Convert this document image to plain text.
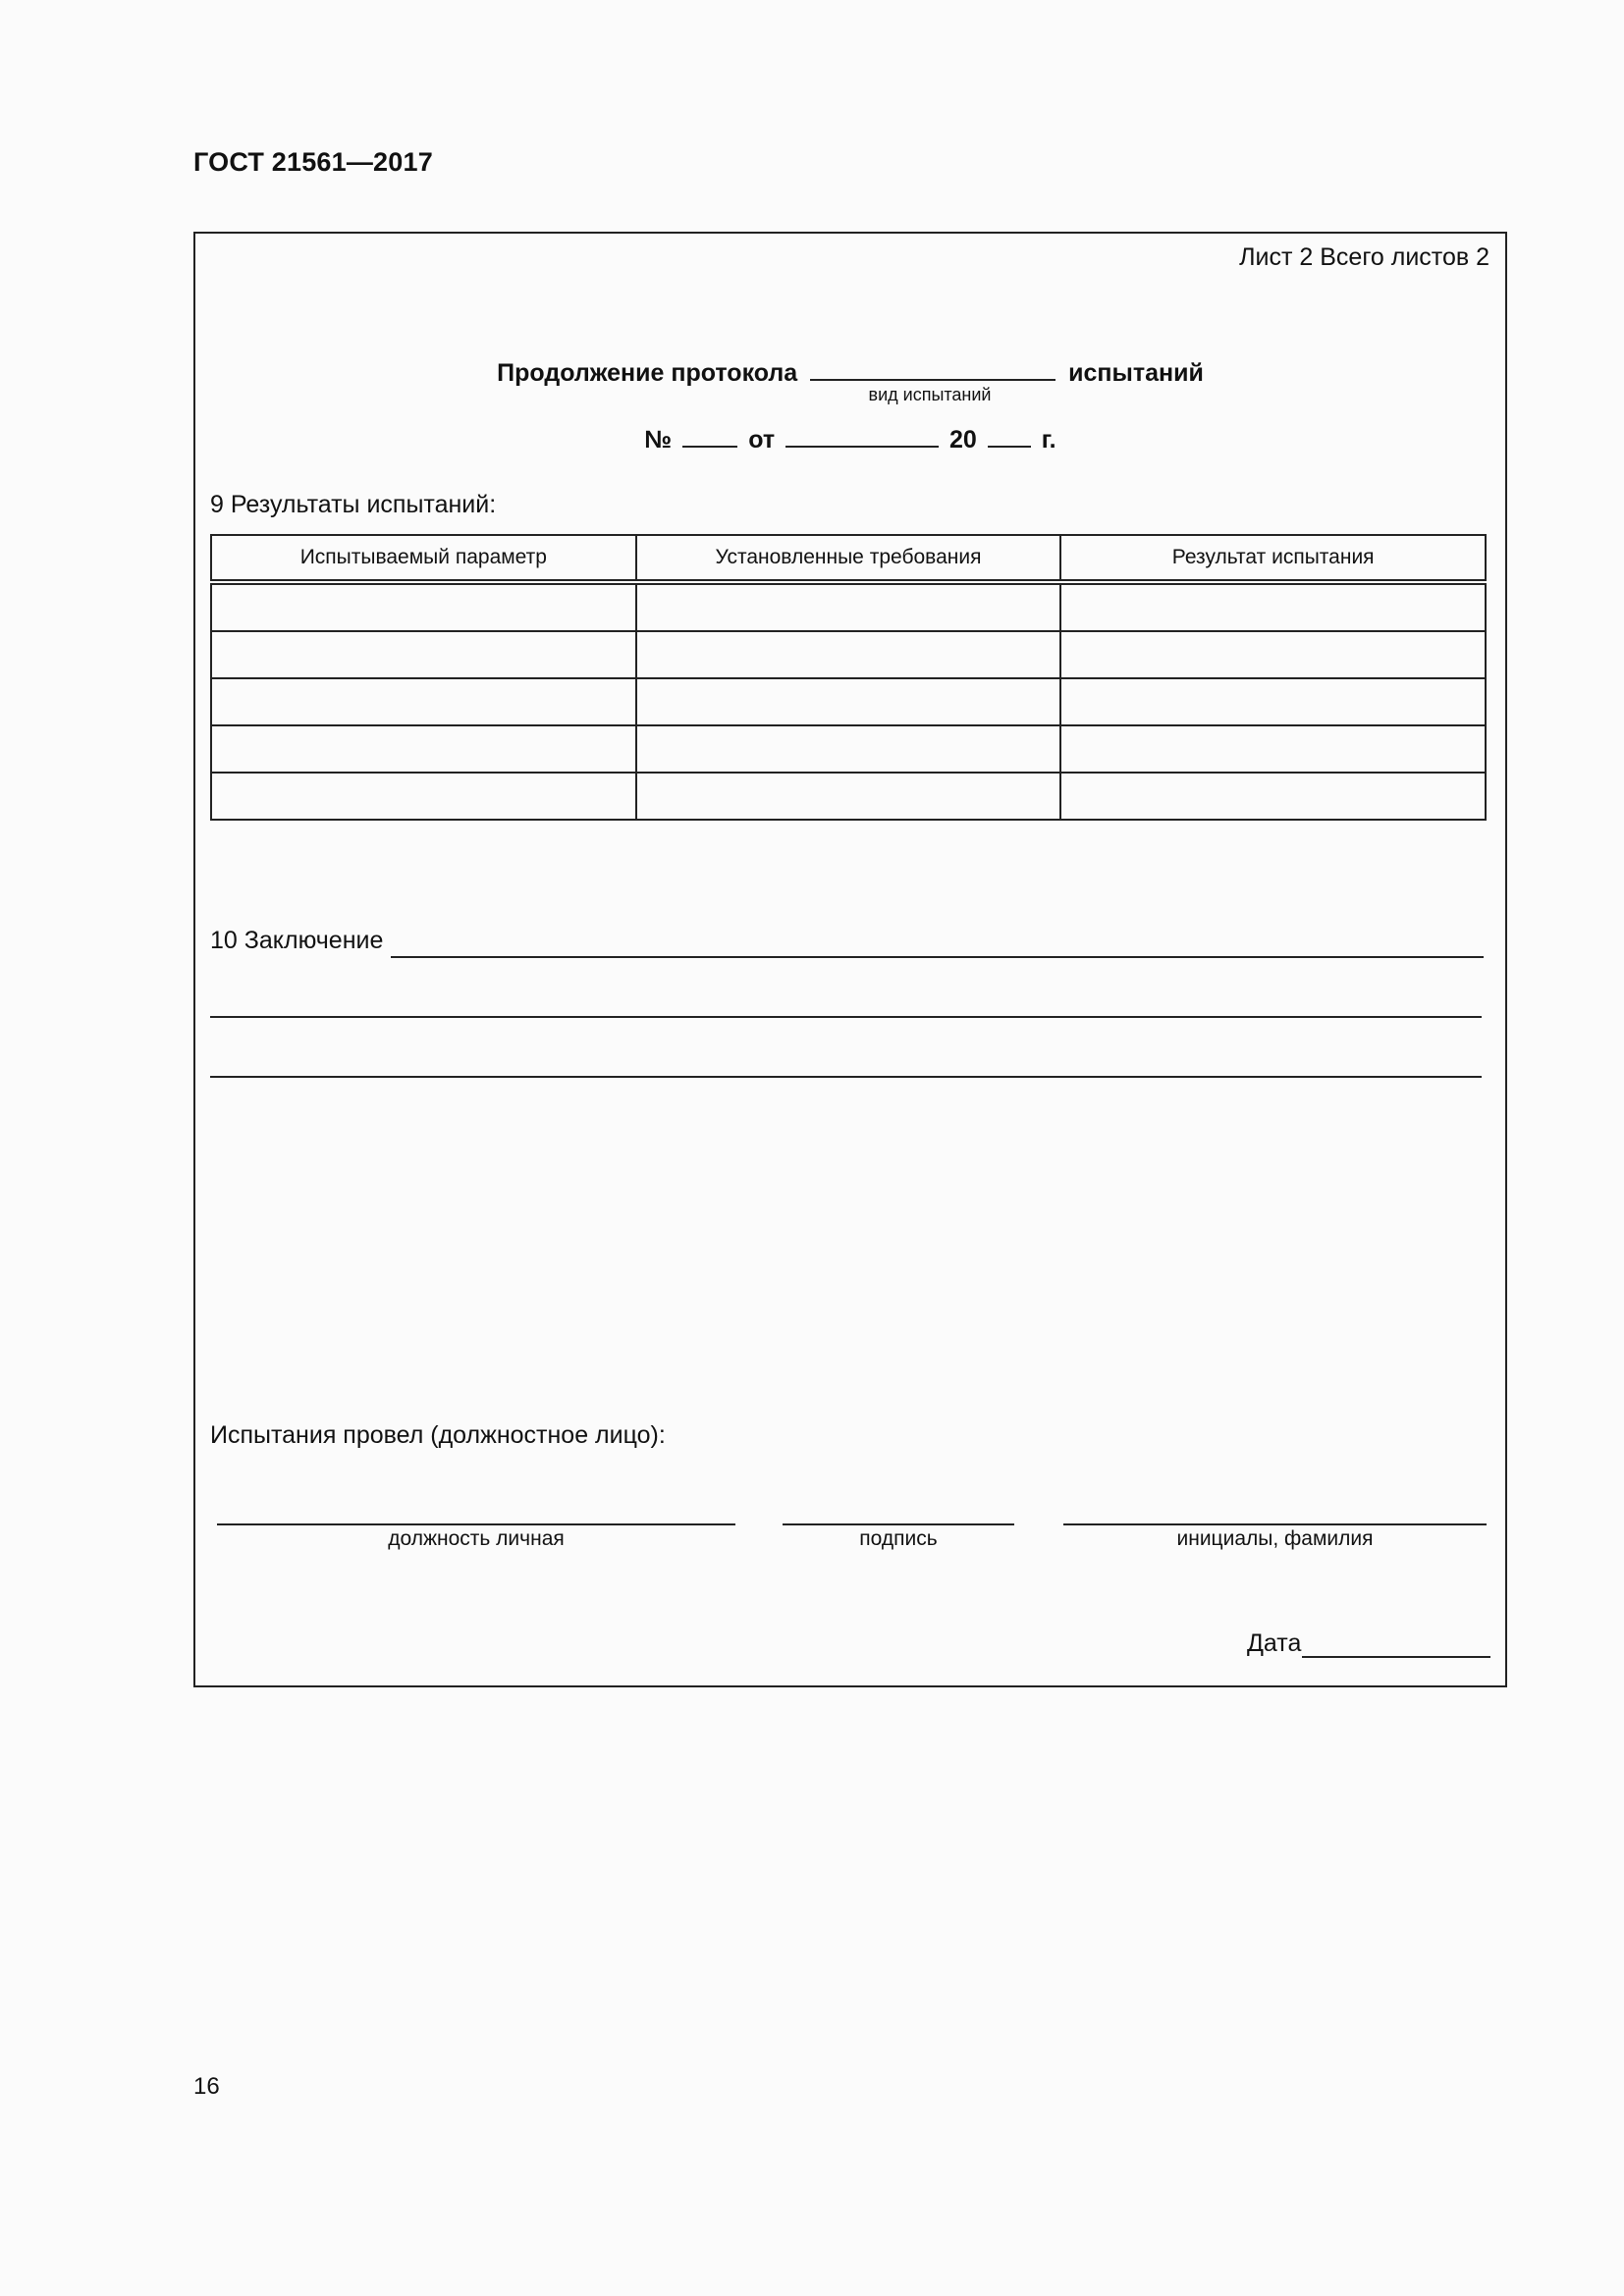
ГОСТ 21561—2017
Лист 2 Всего листов 2
Продолжение протокола	испытаний
вид испытаний
№	от	20	г.
9 Результаты испытаний:
Испытываемый параметр	Установленные требования	Результат испытания

10 Заключение
Испытания провел (должностное лицо):
должность личная	подпись	инициалы, фамилия
Дата
16
